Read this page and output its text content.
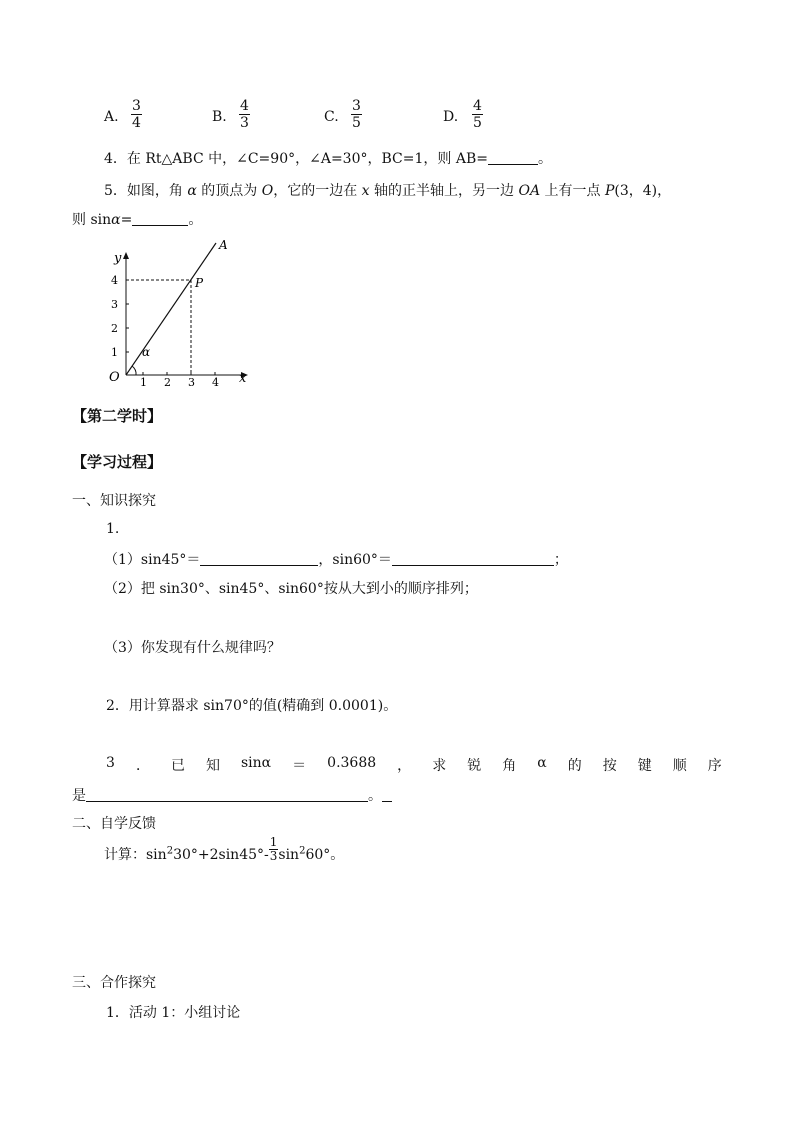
A. $\frac{3}{4}$	B. $\frac{4}{3}$	C. $\frac{3}{5}$	D. $\frac{4}{5}$
4．在 Rt△ABC 中，∠C=90°，∠A=30°，BC=1，则 AB=	。
5．如图，角 α 的顶点为 O，它的一边在 x 轴的正半轴上，另一边 OA 上有一点 P(3，4)，
则 sinα=	。
y
x
O
P
A
α
1 2 3 4
1
2
3
4
【第二学时】
【学习过程】
一、知识探究
1.
（1）sin45°＝	，sin60°＝	；
（2）把 sin30°、sin45°、sin60°按从大到小的顺序排列；
（3）你发现有什么规律吗？
2．用计算器求 sin70°的值(精确到 0.0001)。
3 ． 已 知 sinα ＝ 0.3688 ， 求 锐 角 α 的 按 键 顺 序
是	。
二、自学反馈
计算：$\sin^230^\circ+2\sin 45^\circ- \frac{1}{3} \sin^260^\circ$。
三、合作探究
1．活动 1：小组讨论
